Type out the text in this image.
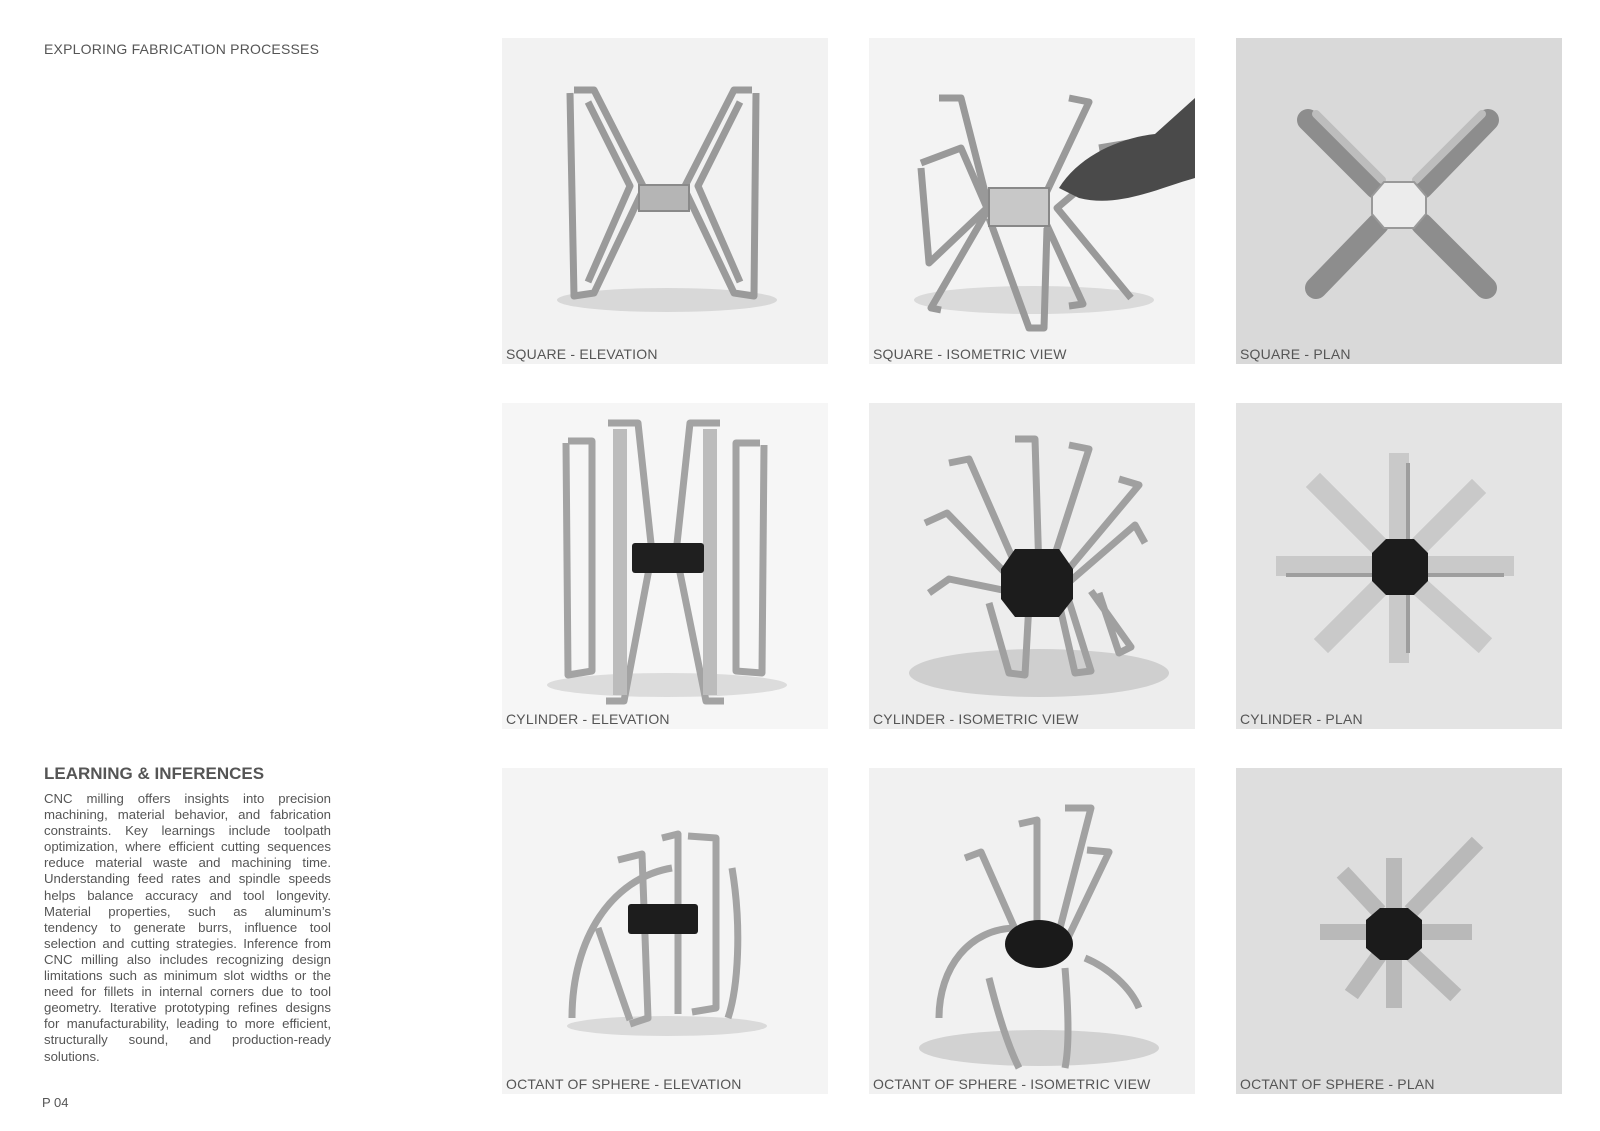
EXPLORING FABRICATION PROCESSES
SQUARE - ELEVATION	SQUARE - ISOMETRIC VIEW	SQUARE - PLAN
CYLINDER - ELEVATION	CYLINDER - ISOMETRIC VIEW	CYLINDER - PLAN
OCTANT OF SPHERE - ELEVATION	OCTANT OF SPHERE - ISOMETRIC VIEW	OCTANT OF SPHERE - PLAN
LEARNING & INFERENCES

CNC milling offers insights into precision machining, material behavior, and fabrication constraints. Key learnings include toolpath optimization, where efficient cutting sequences reduce material waste and machining time. Understanding feed rates and spindle speeds helps balance accuracy and tool longevity. Material properties, such as aluminum’s tendency to generate burrs, influence tool selection and cutting strategies. Inference from CNC milling also includes recognizing design limitations such as minimum slot widths or the need for fillets in internal corners due to tool geometry. Iterative prototyping refines designs for manufacturability, leading to more efficient, structurally sound, and production-ready solutions.

P 04
